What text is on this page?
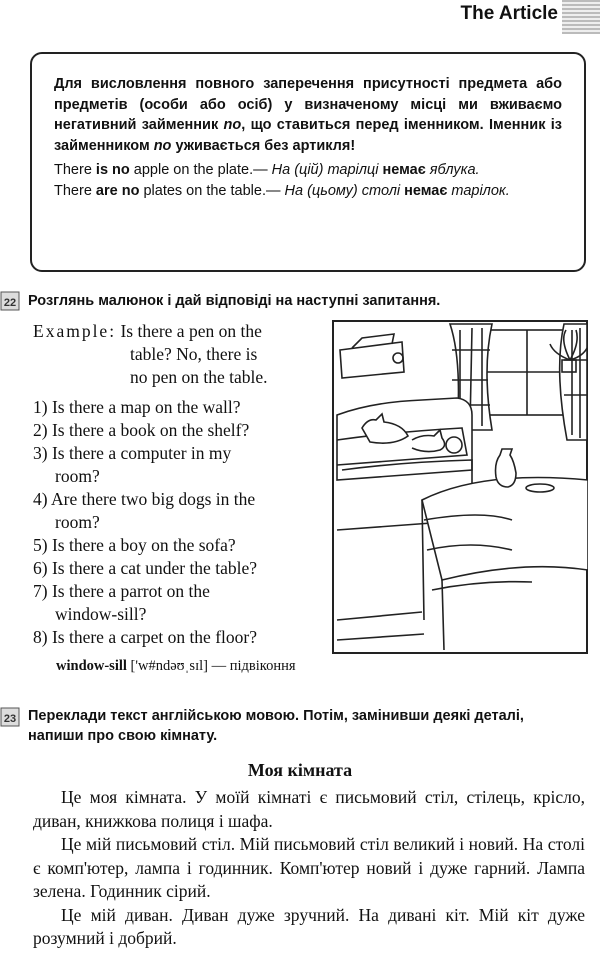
The Article

Для висловлення повного заперечення присутності предмета або предметів (особи або осіб) у визначеному місці ми вживаємо негативний займенник no, що ставиться перед іменником. Іменник із займенником no уживається без артикля!

There is no apple on the plate.— На (цій) тарілці немає яблука.

There are no plates on the table.— На (цьому) столі немає тарілок.

22 Розглянь малюнок і дай відповіді на наступні запитання.
Example: Is there a pen on the
table? No, there is
no pen on the table.
1) Is there a map on the wall?
2) Is there a book on the shelf?
3) Is there a computer in my
room?
4) Are there two big dogs in the
room?
5) Is there a boy on the sofa?
6) Is there a cat under the table?
7) Is there a parrot on the
window-sill?
8) Is there a carpet on the floor?
window-sill ['w#ndəʊˌsɪl] — підвіконня
23 Переклади текст англійською мовою. Потім, замінивши деякі деталі,
напиши про свою кімнату.
Моя кімната

Це моя кімната. У моїй кімнаті є письмовий стіл, стілець, крісло, диван, книжкова полиця і шафа.

Це мій письмовий стіл. Мій письмовий стіл великий і новий. На столі є комп'ютер, лампа і годинник. Комп'ютер новий і дуже гарний. Лампа зелена. Годинник сірий.

Це мій диван. Диван дуже зручний. На дивані кіт. Мій кіт дуже розумний і добрий.
